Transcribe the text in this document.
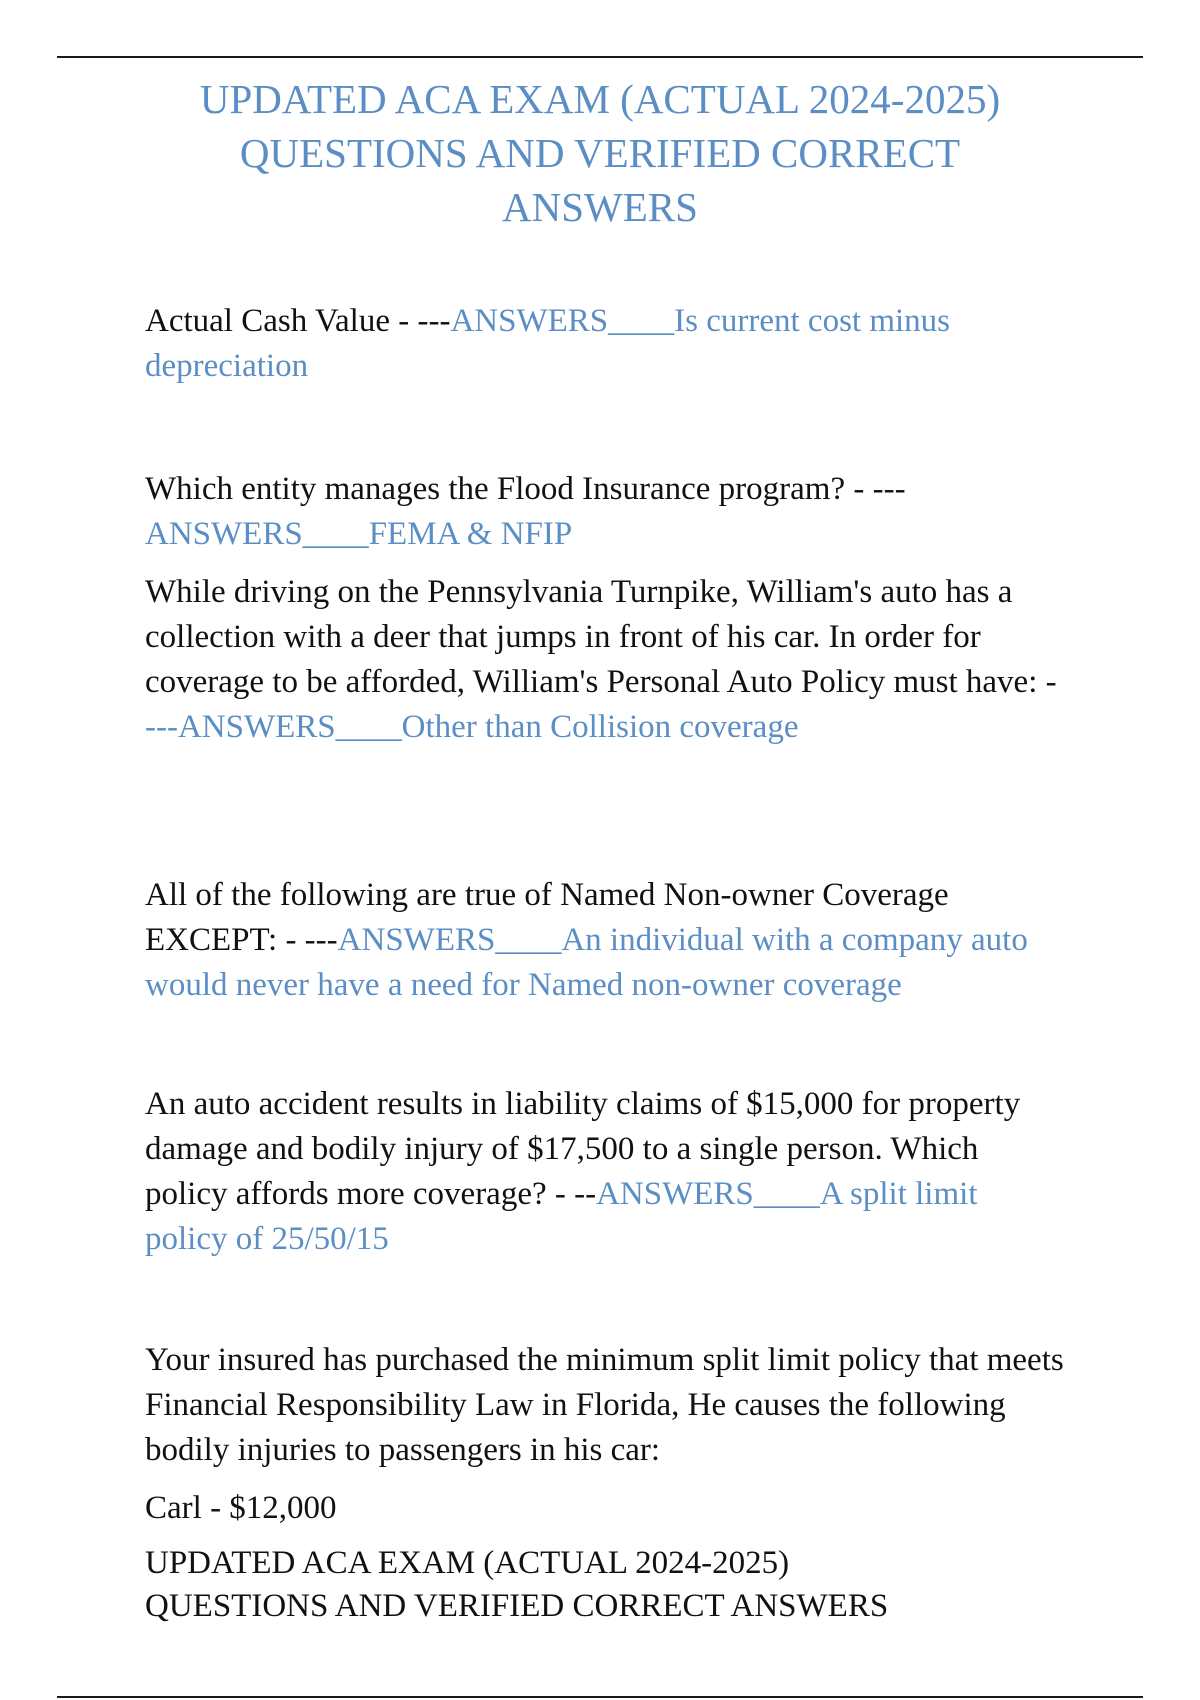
UPDATED ACA EXAM (ACTUAL 2024-2025)
QUESTIONS AND VERIFIED CORRECT
ANSWERS

Actual Cash Value - ---ANSWERS____Is current cost minus depreciation

Which entity manages the Flood Insurance program? - ---ANSWERS____FEMA & NFIP

While driving on the Pennsylvania Turnpike, William's auto has a collection with a deer that jumps in front of his car. In order for coverage to be afforded, William's Personal Auto Policy must have: - ---ANSWERS____Other than Collision coverage

All of the following are true of Named Non-owner Coverage EXCEPT: - ---ANSWERS____An individual with a company auto would never have a need for Named non-owner coverage

An auto accident results in liability claims of $15,000 for property damage and bodily injury of $17,500 to a single person. Which policy affords more coverage? - --ANSWERS____A split limit policy of 25/50/15

Your insured has purchased the minimum split limit policy that meets Financial Responsibility Law in Florida, He causes the following bodily injuries to passengers in his car:

Carl - $12,000

UPDATED ACA EXAM (ACTUAL 2024-2025)
QUESTIONS AND VERIFIED CORRECT ANSWERS
